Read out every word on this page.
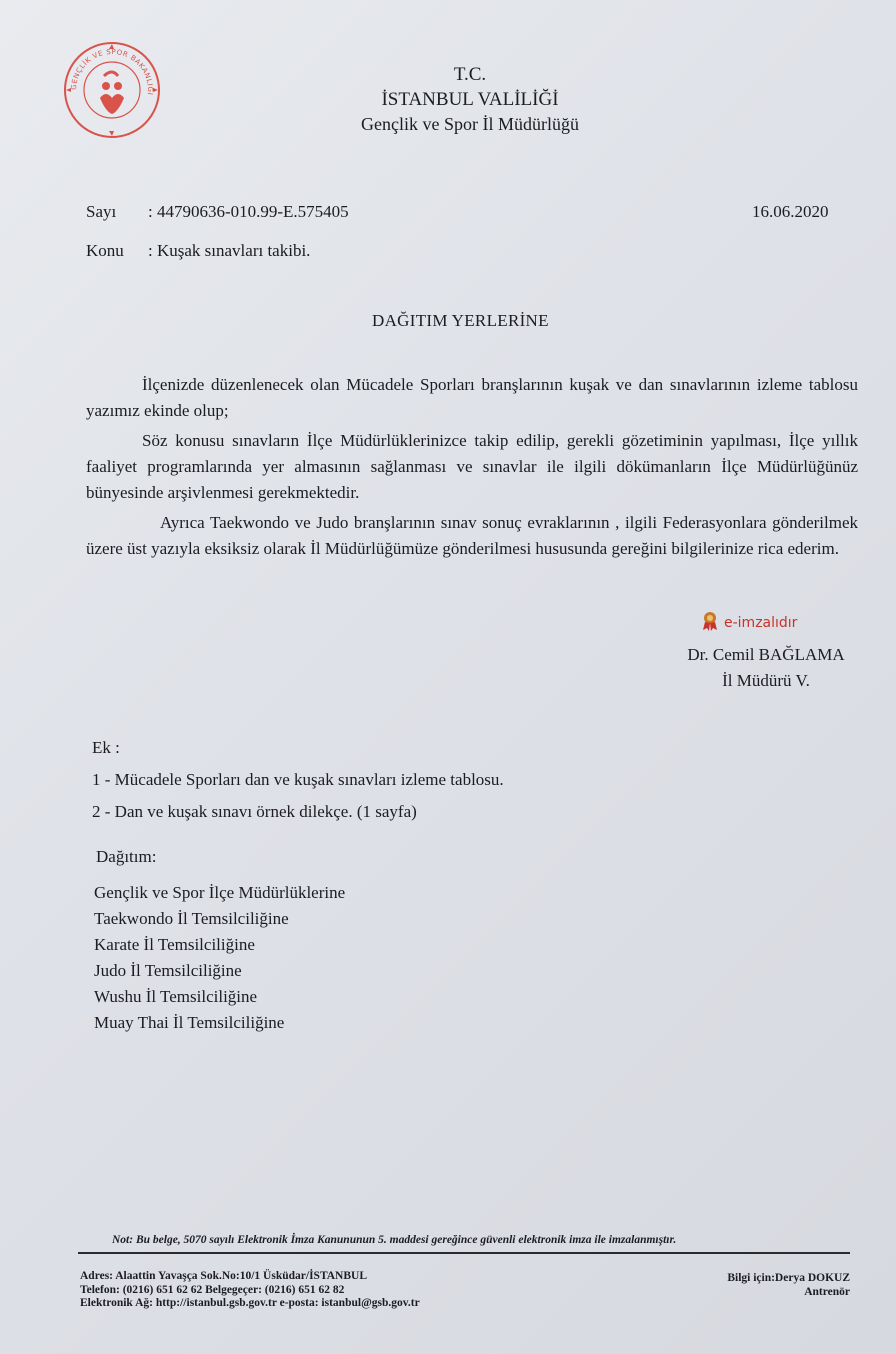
GENÇLİK VE SPOR BAKANLIĞI
T.C.
İSTANBUL VALİLİĞİ
Gençlik ve Spor İl Müdürlüğü
Sayı : 44790636-010.99-E.575405
Konu : Kuşak sınavları takibi.
16.06.2020
DAĞITIM YERLERİNE
İlçenizde düzenlenecek olan Mücadele Sporları branşlarının kuşak ve dan sınavlarının izleme tablosu yazımız ekinde olup;
Söz konusu sınavların İlçe Müdürlüklerinizce takip edilip, gerekli gözetiminin yapılması, İlçe yıllık faaliyet programlarında yer almasının sağlanması ve sınavlar ile ilgili dökümanların İlçe Müdürlüğünüz bünyesinde arşivlenmesi gerekmektedir.
Ayrıca Taekwondo ve Judo branşlarının sınav sonuç evraklarının , ilgili Federasyonlara gönderilmek üzere üst yazıyla eksiksiz olarak İl Müdürlüğümüze gönderilmesi hususunda gereğini bilgilerinize rica ederim.
e-imzalıdır
Dr. Cemil BAĞLAMA
İl Müdürü V.
Ek :
1 - Mücadele Sporları dan ve kuşak sınavları izleme tablosu.
2 - Dan ve kuşak sınavı örnek dilekçe. (1 sayfa)
Dağıtım:
Gençlik ve Spor İlçe Müdürlüklerine
Taekwondo İl Temsilciliğine
Karate İl Temsilciliğine
Judo İl Temsilciliğine
Wushu İl Temsilciliğine
Muay Thai İl Temsilciliğine
Not: Bu belge, 5070 sayılı Elektronik İmza Kanununun 5. maddesi gereğince güvenli elektronik imza ile imzalanmıştır.
Adres: Alaattin Yavaşça Sok.No:10/1 Üsküdar/İSTANBUL
Telefon: (0216) 651 62 62 Belgegeçer: (0216) 651 62 82
Elektronik Ağ: http://istanbul.gsb.gov.tr e-posta: istanbul@gsb.gov.tr
Bilgi için:Derya DOKUZ
Antrenör
